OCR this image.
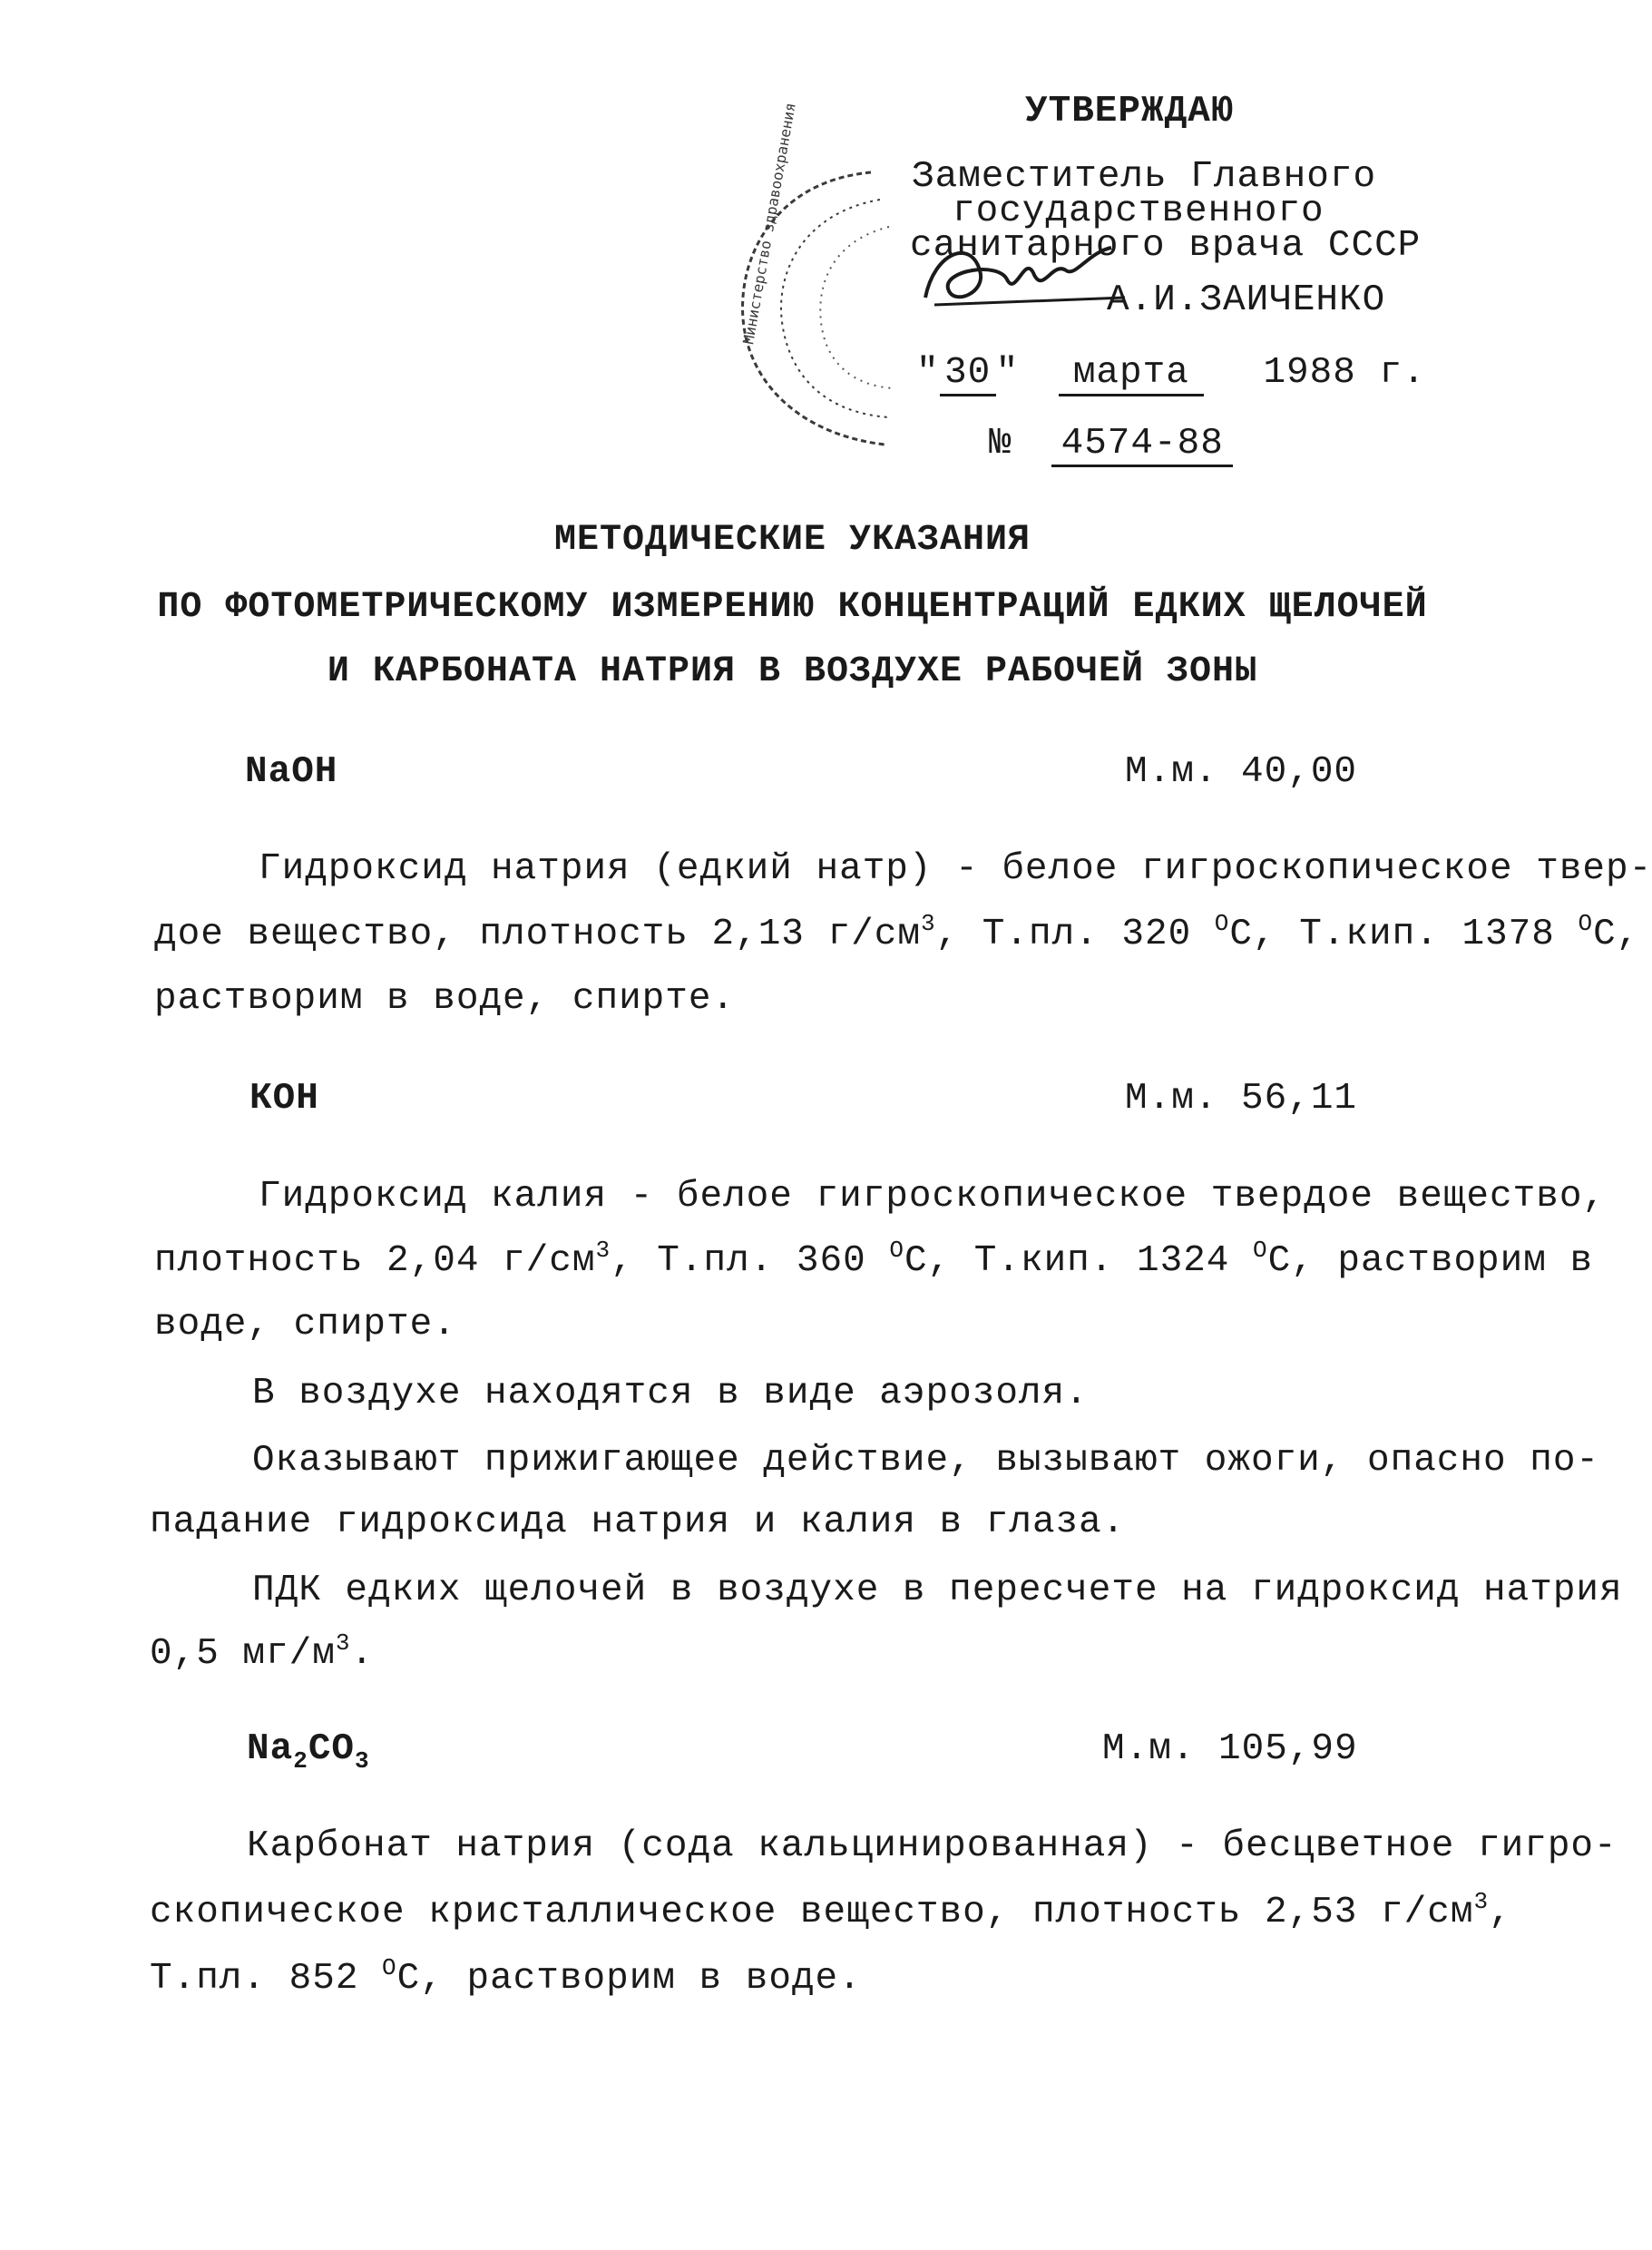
УТВЕРЖДАЮ
Заместитель Главного
государственного
санитарного врача СССР
Министерство здравоохранения	А.И.ЗАИЧЕНКО
" 30 " марта 1988 г.
№ 4574-88
МЕТОДИЧЕСКИЕ УКАЗАНИЯ
ПО ФОТОМЕТРИЧЕСКОМУ ИЗМЕРЕНИЮ КОНЦЕНТРАЦИЙ ЕДКИХ ЩЕЛОЧЕЙ
И КАРБОНАТА НАТРИЯ В ВОЗДУХЕ РАБОЧЕЙ ЗОНЫ
NaOH	М.м. 40,00
Гидроксид натрия (едкий натр) - белое гигроскопическое твер-
дое вещество, плотность 2,13 $г/см^3$, Т.пл. 320 $^О$С, Т.кип. 1378 $^О$С,
растворим в воде, спирте.
КОН	М.м. 56,11
Гидроксид калия - белое гигроскопическое твердое вещество,
плотность 2,04 $г/см^3$, Т.пл. 360 $^О$С, Т.кип. 1324 $^О$С, растворим в
воде, спирте.
В воздухе находятся в виде аэрозоля.
Оказывают прижигающее действие, вызывают ожоги, опасно по-
падание гидроксида натрия и калия в глаза.
ПДК едких щелочей в воздухе в пересчете на гидроксид натрия
0,5 $мг/м^3$.
$Na_2CO_3$	М.м. 105,99
Карбонат натрия (сода кальцинированная) - бесцветное гигро-
скопическое кристаллическое вещество, плотность 2,53 $г/см^3$,
Т.пл. 852 $^О$С, растворим в воде.
